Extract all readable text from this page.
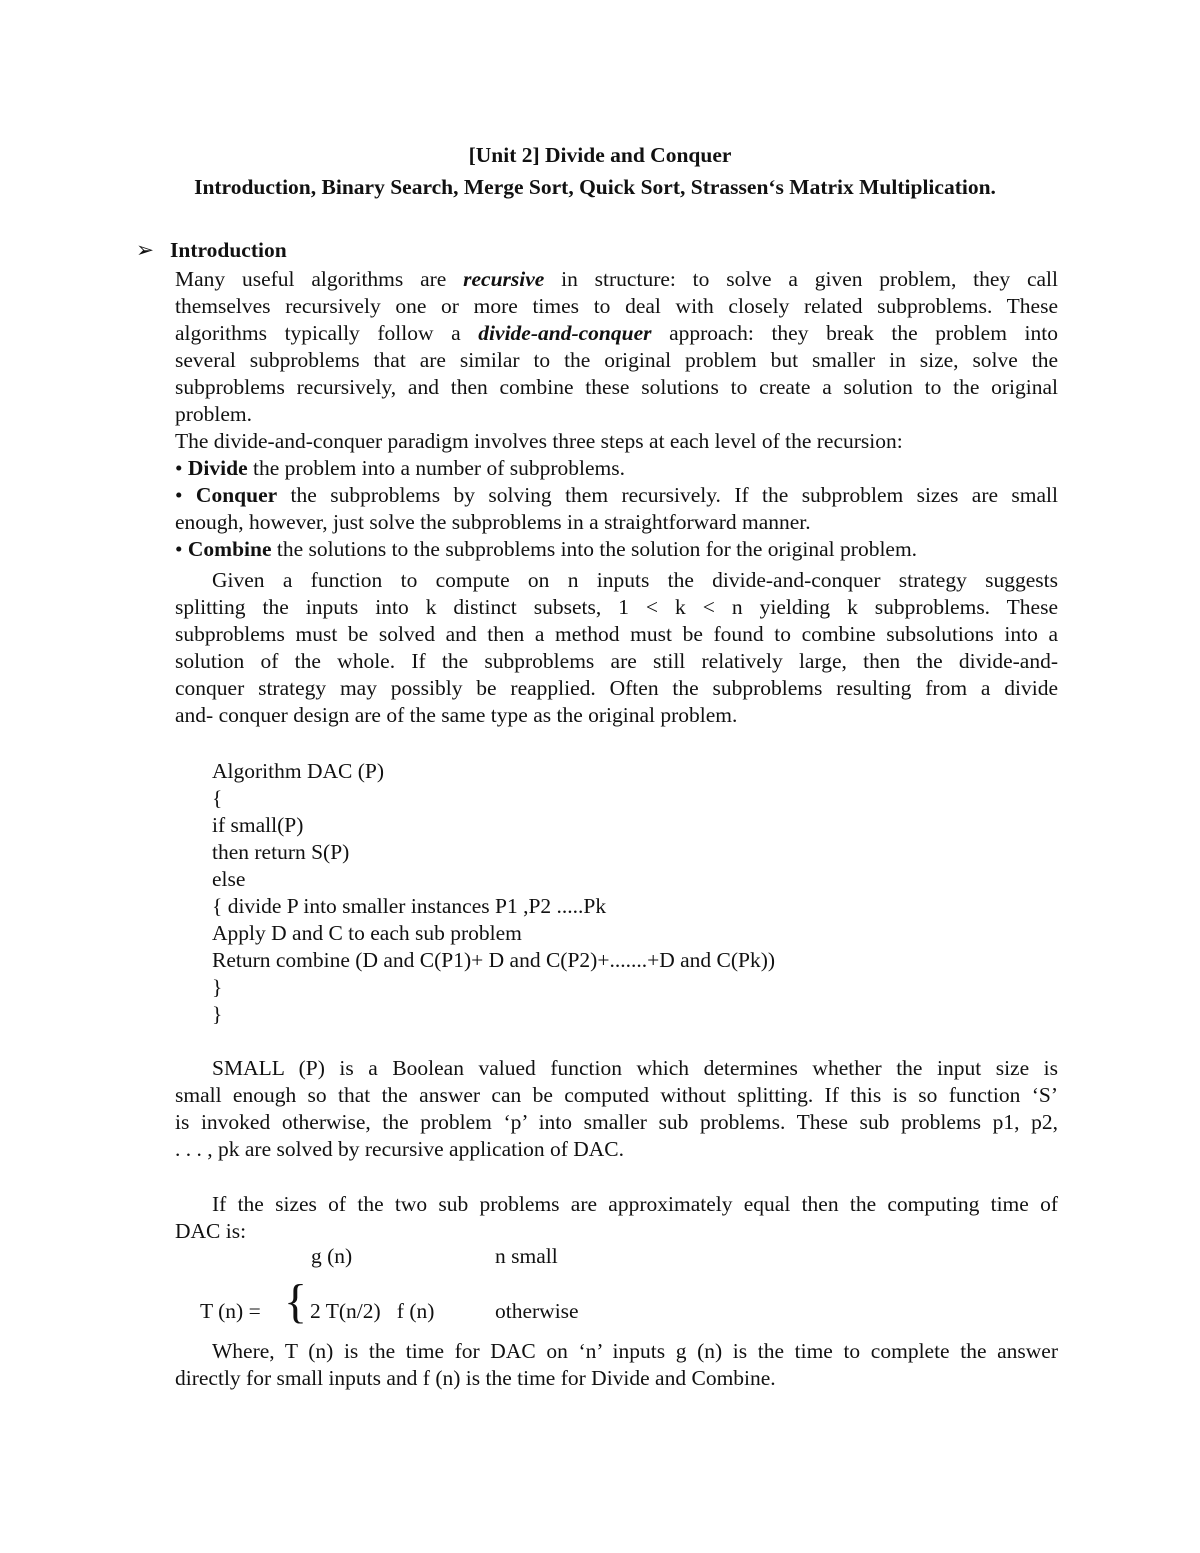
[Unit 2] Divide and Conquer

Introduction, Binary Search, Merge Sort, Quick Sort, Strassen‘s Matrix Multiplication.

➢ Introduction

Many useful algorithms are recursive in structure: to solve a given problem, they call

themselves recursively one or more times to deal with closely related subproblems. These

algorithms typically follow a divide-and-conquer approach: they break the problem into

several subproblems that are similar to the original problem but smaller in size, solve the

subproblems recursively, and then combine these solutions to create a solution to the original

problem.

The divide-and-conquer paradigm involves three steps at each level of the recursion:

• Divide the problem into a number of subproblems.

• Conquer the subproblems by solving them recursively. If the subproblem sizes are small

enough, however, just solve the subproblems in a straightforward manner.

• Combine the solutions to the subproblems into the solution for the original problem.

Given a function to compute on n inputs the divide-and-conquer strategy suggests

splitting the inputs into k distinct subsets, 1 < k < n yielding k subproblems. These

subproblems must be solved and then a method must be found to combine subsolutions into a

solution of the whole. If the subproblems are still relatively large, then the divide-and-

conquer strategy may possibly be reapplied. Often the subproblems resulting from a divide

and- conquer design are of the same type as the original problem.

Algorithm DAC (P)

{

if small(P)

then return S(P)

else

{ divide P into smaller instances P1 ,P2 .....Pk

Apply D and C to each sub problem

Return combine (D and C(P1)+ D and C(P2)+.......+D and C(Pk))

}

}

SMALL (P) is a Boolean valued function which determines whether the input size is

small enough so that the answer can be computed without splitting. If this is so function ‘S’

is invoked otherwise, the problem ‘p’ into smaller sub problems. These sub problems p1, p2,

. . . , pk are solved by recursive application of DAC.

If the sizes of the two sub problems are approximately equal then the computing time of

DAC is:

g (n)	n small
T (n) = { 2 T(n/2)   f (n)	otherwise

Where, T (n) is the time for DAC on ‘n’ inputs g (n) is the time to complete the answer

directly for small inputs and f (n) is the time for Divide and Combine.
